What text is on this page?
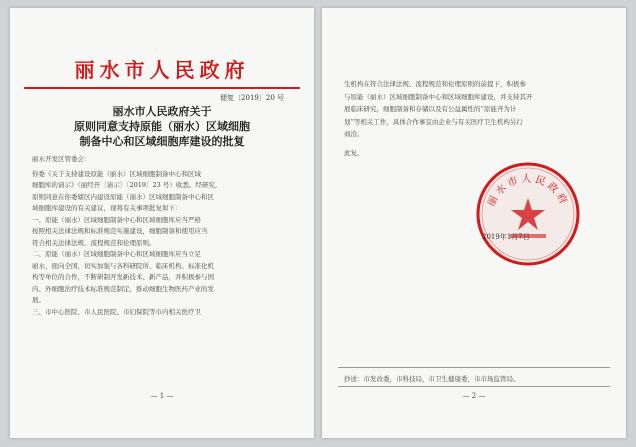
丽水市人民政府
便复〔2019〕20 号
丽水市人民政府关于
原则同意支持原能（丽水）区域细胞
制备中心和区域细胞库建设的批复
丽水开发区管委会：
你委《关于支持建设原能（丽水）区域细胞制备中心和区域
细胞库的请示》（丽经开〔请示〕〔2019〕23 号）收悉。经研究，
原则同意在你委辖区内建设原能（丽水）区域细胞制备中心和区
域细胞库建设的有关建议，现将有关事项批复如下：
一、原能（丽水）区域细胞制备中心和区域细胞库应当严格
按照相关法律法规和标准规范实施建设，细胞制备和使用应当
符合相关法律法规、流程规范和伦理原则。
二、原能（丽水）区域细胞制备中心和区域细胞库应当立足
丽水，面向全国，切实加强与各科研院所、临床机构、标准化机
构等单位的合作，不断研制开发新技术、新产品，并积极参与国
内、外细胞治疗技术标准规范制定，推动细胞生物医药产业的发
展。
三、市中心医院、市人民医院、市妇保院等市内相关医疗卫
— 1 —
生机构在符合法律法规、流程规范和伦理原则的前提下，积极参
与原能（丽水）区域细胞制备中心和区域细胞库建设，并支持其开
展临床研究，细胞制备和存储以及有公益属性的“原能齐为计
划”等相关工作，具体合作事宜由企业与有关医疗卫生机构另行
商洽。
此复。
丽水市人民政府
2019年1月7日
抄送：市发改委，市科技局，市卫生健康委，市市场监管局。
— 2 —
